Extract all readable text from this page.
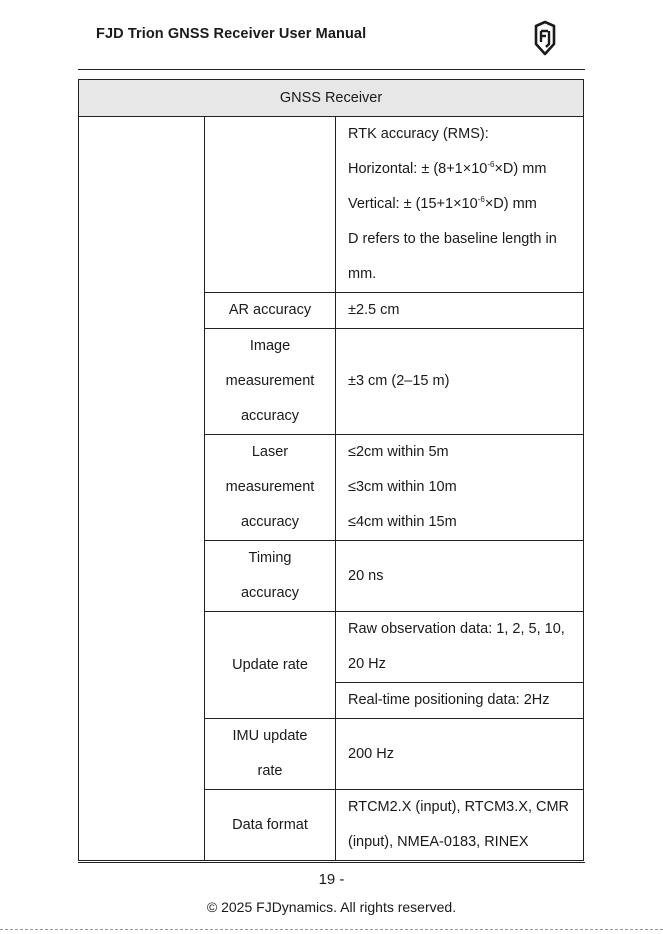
FJD Trion GNSS Receiver User Manual
GNSS Receiver		

		RTK accuracy (RMS):
Horizontal: ± $(8+1\times 10^{-6}\times D)$ mm
Vertical: ± $(15+1\times 10^{-6}\times D)$ mm
D refers to the baseline length in
mm.

	AR accuracy	±2.5 cm

	Image
measurement
accuracy	±3 cm (2–15 m)

	Laser
measurement
accuracy	≤2cm within 5m
≤3cm within 10m
≤4cm within 15m

	Timing
accuracy	20 ns
	Update rate	Raw observation data: 1, 2, 5, 10,
20 Hz

		Real-time positioning data: 2Hz

	IMU update
rate	200 Hz
	Data format	RTCM2.X (input), RTCM3.X, CMR
(input), NMEA-0183, RINEX
19 -
© 2025 FJDynamics. All rights reserved.
